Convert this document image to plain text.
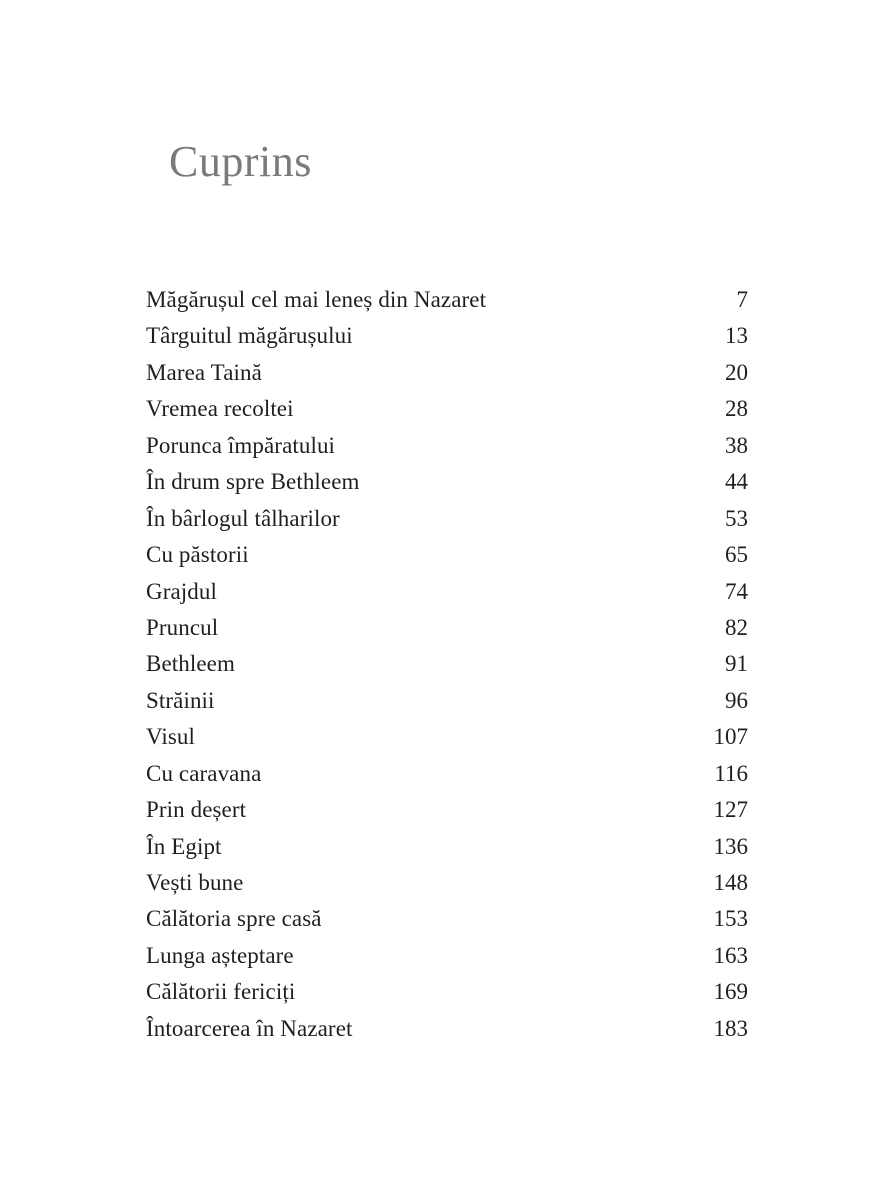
Cuprins
Măgărușul cel mai leneș din Nazaret	7
Târguitul măgărușului	13
Marea Taină	20
Vremea recoltei	28
Porunca împăratului	38
În drum spre Bethleem	44
În bârlogul tâlharilor	53
Cu păstorii	65
Grajdul	74
Pruncul	82
Bethleem	91
Străinii	96
Visul	107
Cu caravana	116
Prin deșert	127
În Egipt	136
Vești bune	148
Călătoria spre casă	153
Lunga așteptare	163
Călătorii fericiți	169
Întoarcerea în Nazaret	183
